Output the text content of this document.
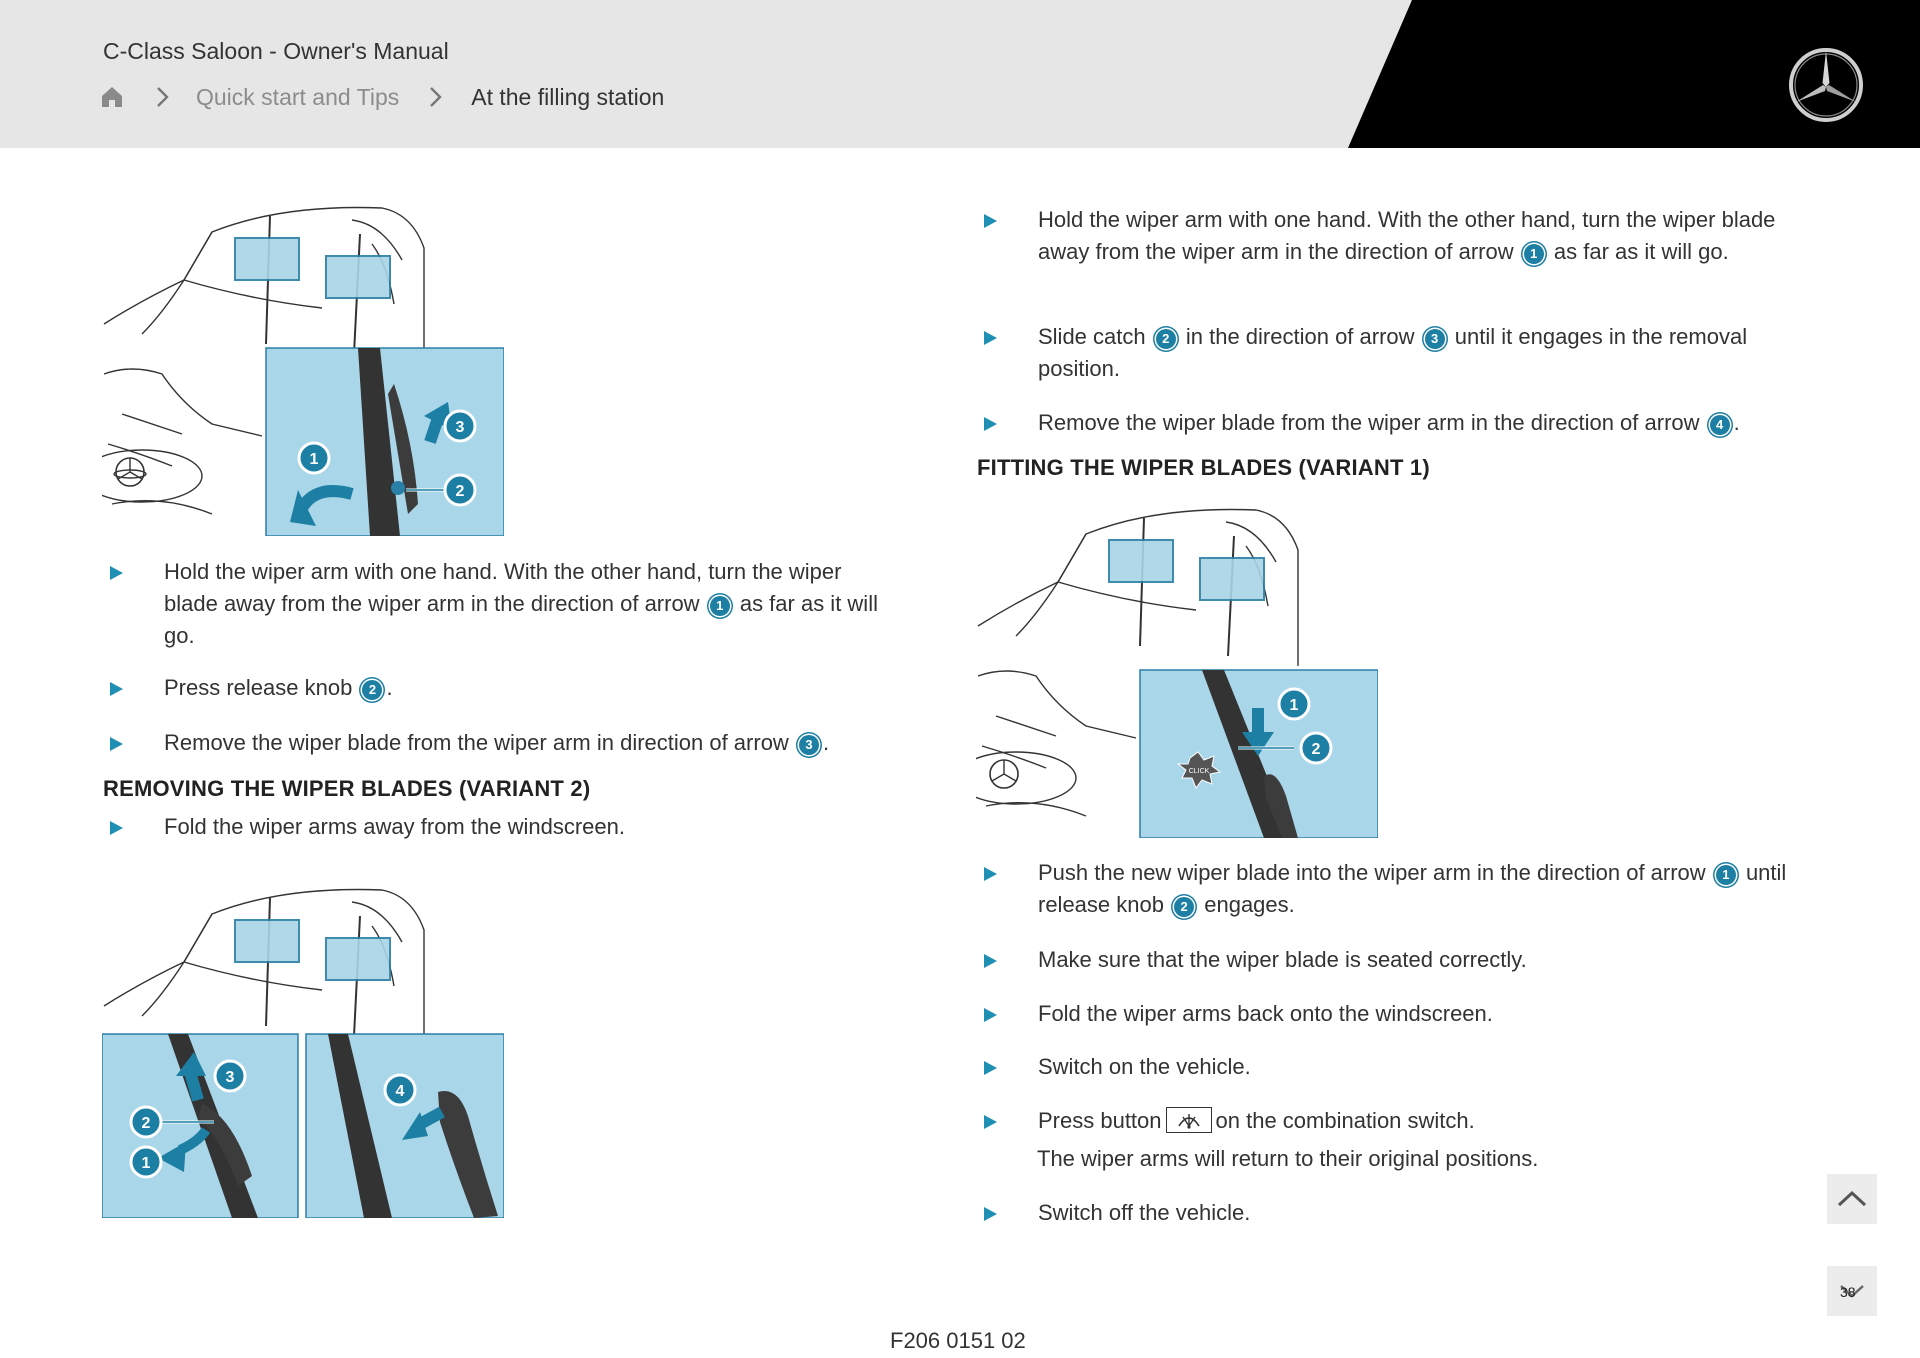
C-Class Saloon - Owner's Manual
Quick start and Tips	At the filling station
1
2
3
Hold the wiper arm with one hand. With the other hand, turn the wiper blade away from the wiper arm in the direction of arrow 1 as far as it will go.
Press release knob 2 .
Remove the wiper blade from the wiper arm in direction of arrow 3 .
REMOVING THE WIPER BLADES (VARIANT 2)
Fold the wiper arms away from the windscreen.
1
2
3
4
Hold the wiper arm with one hand. With the other hand, turn the wiper blade away from the wiper arm in the direction of arrow 1 as far as it will go.
Slide catch 2 in the direction of arrow 3 until it engages in the removal position.
Remove the wiper blade from the wiper arm in the direction of arrow 4 .
FITTING THE WIPER BLADES (VARIANT 1)
CLICK
1
2
Push the new wiper blade into the wiper arm in the direction of arrow 1 until release knob 2 engages.
Make sure that the wiper blade is seated correctly.
Fold the wiper arms back onto the windscreen.
Switch on the vehicle.
Press button on the combination switch.
The wiper arms will return to their original positions.
Switch off the vehicle.
38
F206 0151 02
